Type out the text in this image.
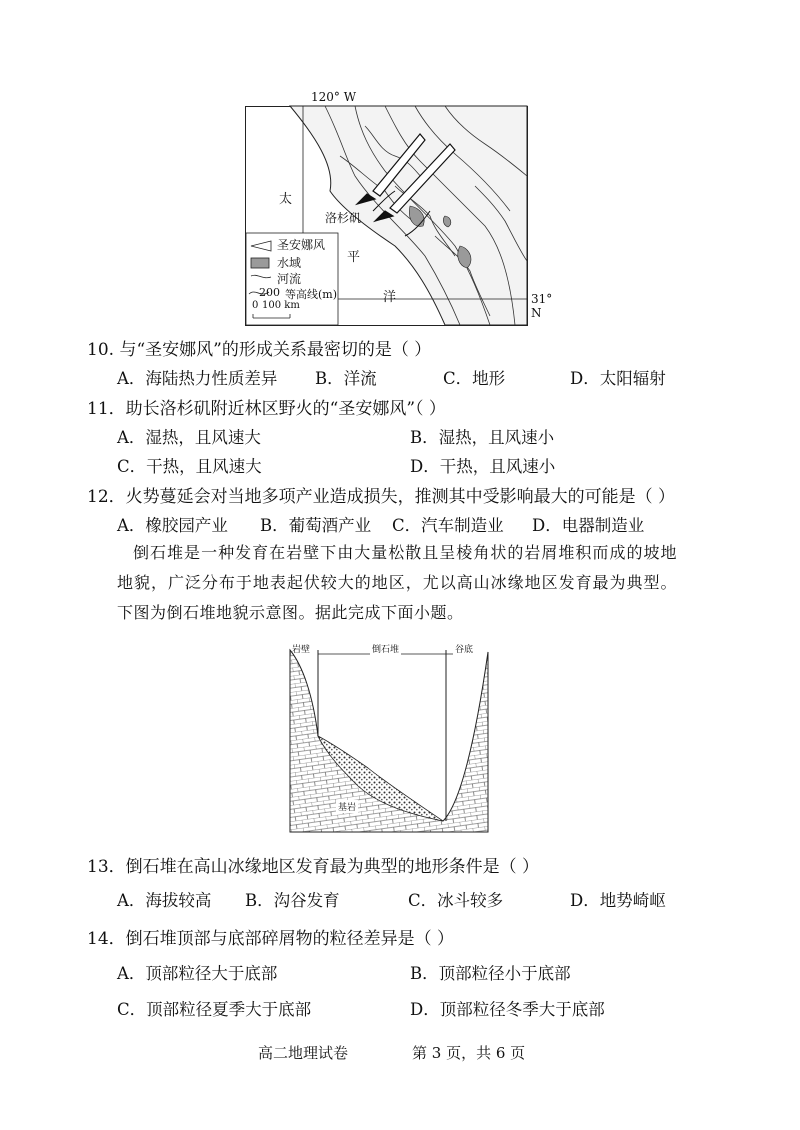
120° W
31° N
洛杉矶
太
平
洋
圣安娜风
水域
河流
200 等高线(m)
0 100 km
10. 与“圣安娜风”的形成关系最密切的是（ ）
A．海陆热力性质差异 B．洋流	C．地形	D．太阳辐射
11．助长洛杉矶附近林区野火的“圣安娜风”（ ）
A．湿热，且风速大	B．湿热，且风速小
C．干热，且风速大	D．干热，且风速小
12．火势蔓延会对当地多项产业造成损失，推测其中受影响最大的可能是（ ）
A．橡胶园产业 B．葡萄酒产业 C．汽车制造业 D．电器制造业
倒石堆是一种发育在岩壁下由大量松散且呈棱角状的岩屑堆积而成的坡地地貌，广泛分布于地表起伏较大的地区，尤以高山冰缘地区发育最为典型。下图为倒石堆地貌示意图。据此完成下面小题。
岩壁	倒石堆	谷底
基岩
13．倒石堆在高山冰缘地区发育最为典型的地形条件是（ ）
A．海拔较高 B．沟谷发育	C．冰斗较多	D．地势崎岖
14．倒石堆顶部与底部碎屑物的粒径差异是（ ）
A．顶部粒径大于底部	B．顶部粒径小于底部
C．顶部粒径夏季大于底部	D．顶部粒径冬季大于底部
高二地理试卷	第 3 页，共 6 页
